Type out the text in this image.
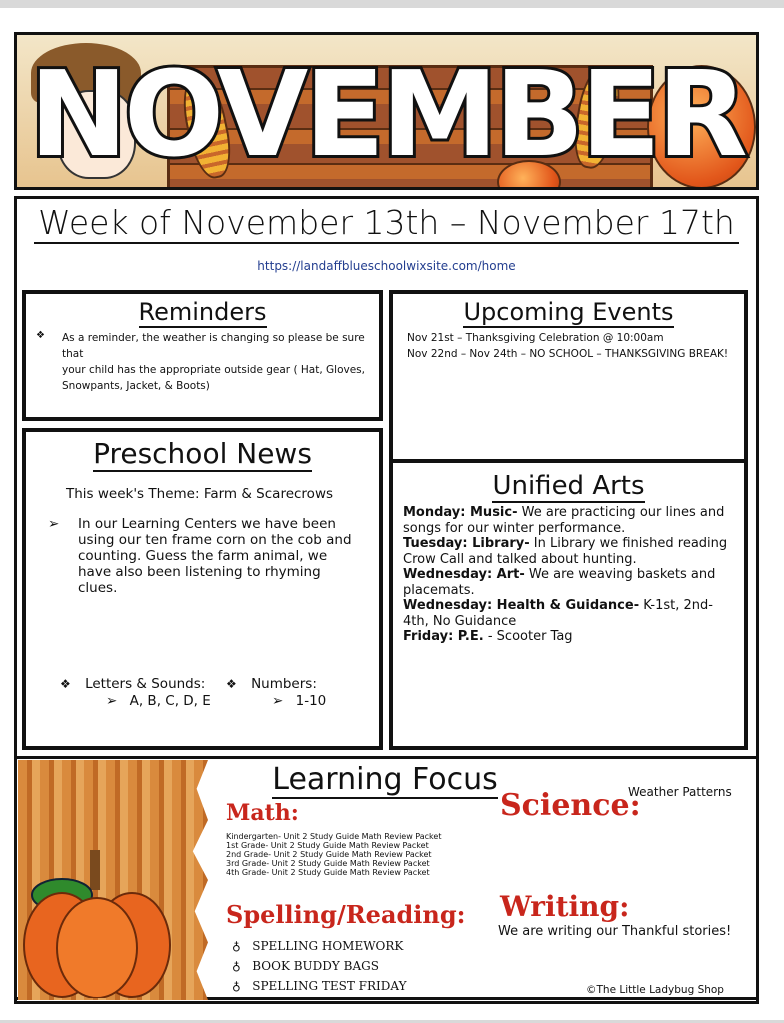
NOVEMBER
Week of November 13th – November 17th

https://landaffblueschoolwixsite.com/home

Reminders
❖ As a reminder, the weather is changing so please be sure that

your child has the appropriate outside gear ( Hat, Gloves,

Snowpants, Jacket, & Boots)

Upcoming Events

Nov 21st – Thanksgiving Celebration @ 10:00am

Nov 22nd – Nov 24th – NO SCHOOL – THANKSGIVING BREAK!

Preschool News

This week's Theme: Farm & Scarecrows

➢ In our Learning Centers we have been using our ten frame corn on the cob and counting. Guess the farm animal, we have also been listening to rhyming clues.
❖ Letters & Sounds:
➢ A, B, C, D, E
❖ Numbers:
➢ 1-10
Unified Arts

Monday: Music- We are practicing our lines and songs for our winter performance.

Tuesday: Library- In Library we finished reading Crow Call and talked about hunting.

Wednesday: Art- We are weaving baskets and placemats.

Wednesday: Health & Guidance- K-1st, 2nd-4th, No Guidance

Friday: P.E. - Scooter Tag

Learning Focus
Math:

Kindergarten- Unit 2 Study Guide Math Review Packet

1st Grade- Unit 2 Study Guide Math Review Packet

2nd Grade- Unit 2 Study Guide Math Review Packet

3rd Grade- Unit 2 Study Guide Math Review Packet

4th Grade- Unit 2 Study Guide Math Review Packet

Science:

Weather Patterns

Spelling/Reading:

♁ SPELLING HOMEWORK

♁ BOOK BUDDY BAGS

♁ SPELLING TEST FRIDAY

Writing:

We are writing our Thankful stories!

©The Little Ladybug Shop
